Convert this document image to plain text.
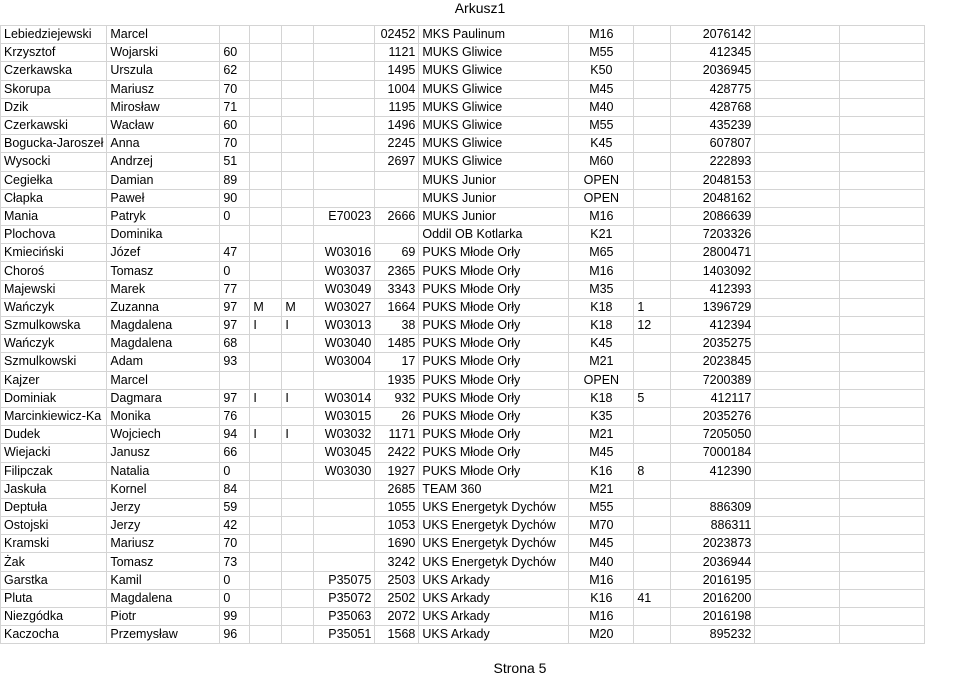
Arkusz1
Lebiedziejewski	Marcel					02452	MKS Paulinum	M16		2076142		
Krzysztof	Wojarski	60				1121	MUKS Gliwice	M55		412345		
Czerkawska	Urszula	62				1495	MUKS Gliwice	K50		2036945		
Skorupa	Mariusz	70				1004	MUKS Gliwice	M45		428775		
Dzik	Mirosław	71				1195	MUKS Gliwice	M40		428768		
Czerkawski	Wacław	60				1496	MUKS Gliwice	M55		435239		
Bogucka-Jaroszeł	Anna	70				2245	MUKS Gliwice	K45		607807		
Wysocki	Andrzej	51				2697	MUKS Gliwice	M60		222893		
Cegiełka	Damian	89					MUKS Junior	OPEN		2048153		
Cłapka	Paweł	90					MUKS Junior	OPEN		2048162		
Mania	Patryk	0			E70023	2666	MUKS Junior	M16		2086639		
Plochova	Dominika						Oddil OB Kotlarka	K21		7203326		
Kmieciński	Józef	47			W03016	69	PUKS Młode Orły	M65		2800471		
Choroś	Tomasz	0			W03037	2365	PUKS Młode Orły	M16		1403092		
Majewski	Marek	77			W03049	3343	PUKS Młode Orły	M35		412393		
Wańczyk	Zuzanna	97	M	M	W03027	1664	PUKS Młode Orły	K18	1	1396729		
Szmulkowska	Magdalena	97	I	I	W03013	38	PUKS Młode Orły	K18	12	412394		
Wańczyk	Magdalena	68			W03040	1485	PUKS Młode Orły	K45		2035275		
Szmulkowski	Adam	93			W03004	17	PUKS Młode Orły	M21		2023845		
Kajzer	Marcel					1935	PUKS Młode Orły	OPEN		7200389		
Dominiak	Dagmara	97	I	I	W03014	932	PUKS Młode Orły	K18	5	412117		
Marcinkiewicz-Ka	Monika	76			W03015	26	PUKS Młode Orły	K35		2035276		
Dudek	Wojciech	94	I	I	W03032	1171	PUKS Młode Orły	M21		7205050		
Wiejacki	Janusz	66			W03045	2422	PUKS Młode Orły	M45		7000184		
Filipczak	Natalia	0			W03030	1927	PUKS Młode Orły	K16	8	412390		
Jaskuła	Kornel	84				2685	TEAM 360	M21				
Deptuła	Jerzy	59				1055	UKS Energetyk Dychów	M55		886309		
Ostojski	Jerzy	42				1053	UKS Energetyk Dychów	M70		886311		
Kramski	Mariusz	70				1690	UKS Energetyk Dychów	M45		2023873		
Żak	Tomasz	73				3242	UKS Energetyk Dychów	M40		2036944		
Garstka	Kamil	0			P35075	2503	UKS Arkady	M16		2016195		
Pluta	Magdalena	0			P35072	2502	UKS Arkady	K16	41	2016200		
Niezgódka	Piotr	99			P35063	2072	UKS Arkady	M16		2016198		
Kaczocha	Przemysław	96			P35051	1568	UKS Arkady	M20		895232		
Strona 5
